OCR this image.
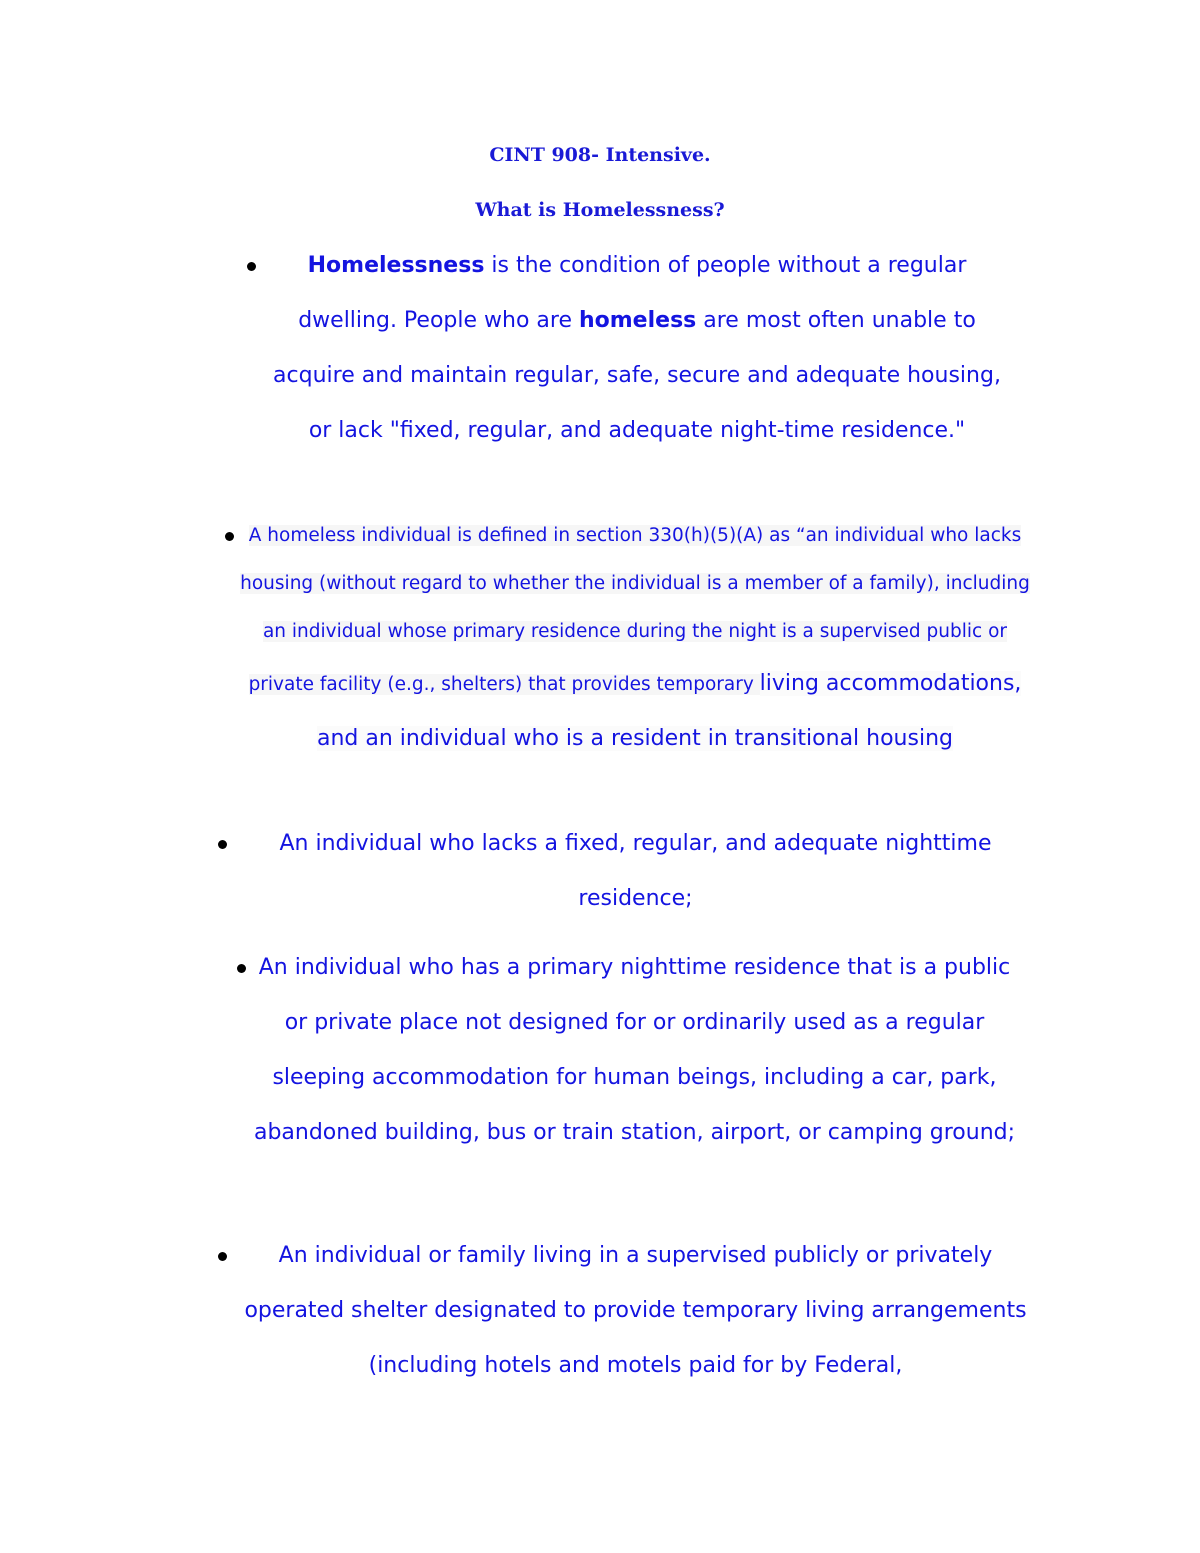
CINT 908- Intensive.
What is Homelessness?
Homelessness is the condition of people without a regular dwelling. People who are homeless are most often unable to acquire and maintain regular, safe, secure and adequate housing, or lack "fixed, regular, and adequate night-time residence."
A homeless individual is defined in section 330(h)(5)(A) as “an individual who lacks housing (without regard to whether the individual is a member of a family), including an individual whose primary residence during the night is a supervised public or private facility (e.g., shelters) that provides temporary living accommodations, and an individual who is a resident in transitional housing
An individual who lacks a fixed, regular, and adequate nighttime residence;
An individual who has a primary nighttime residence that is a public or private place not designed for or ordinarily used as a regular sleeping accommodation for human beings, including a car, park, abandoned building, bus or train station, airport, or camping ground;
An individual or family living in a supervised publicly or privately operated shelter designated to provide temporary living arrangements (including hotels and motels paid for by Federal,
